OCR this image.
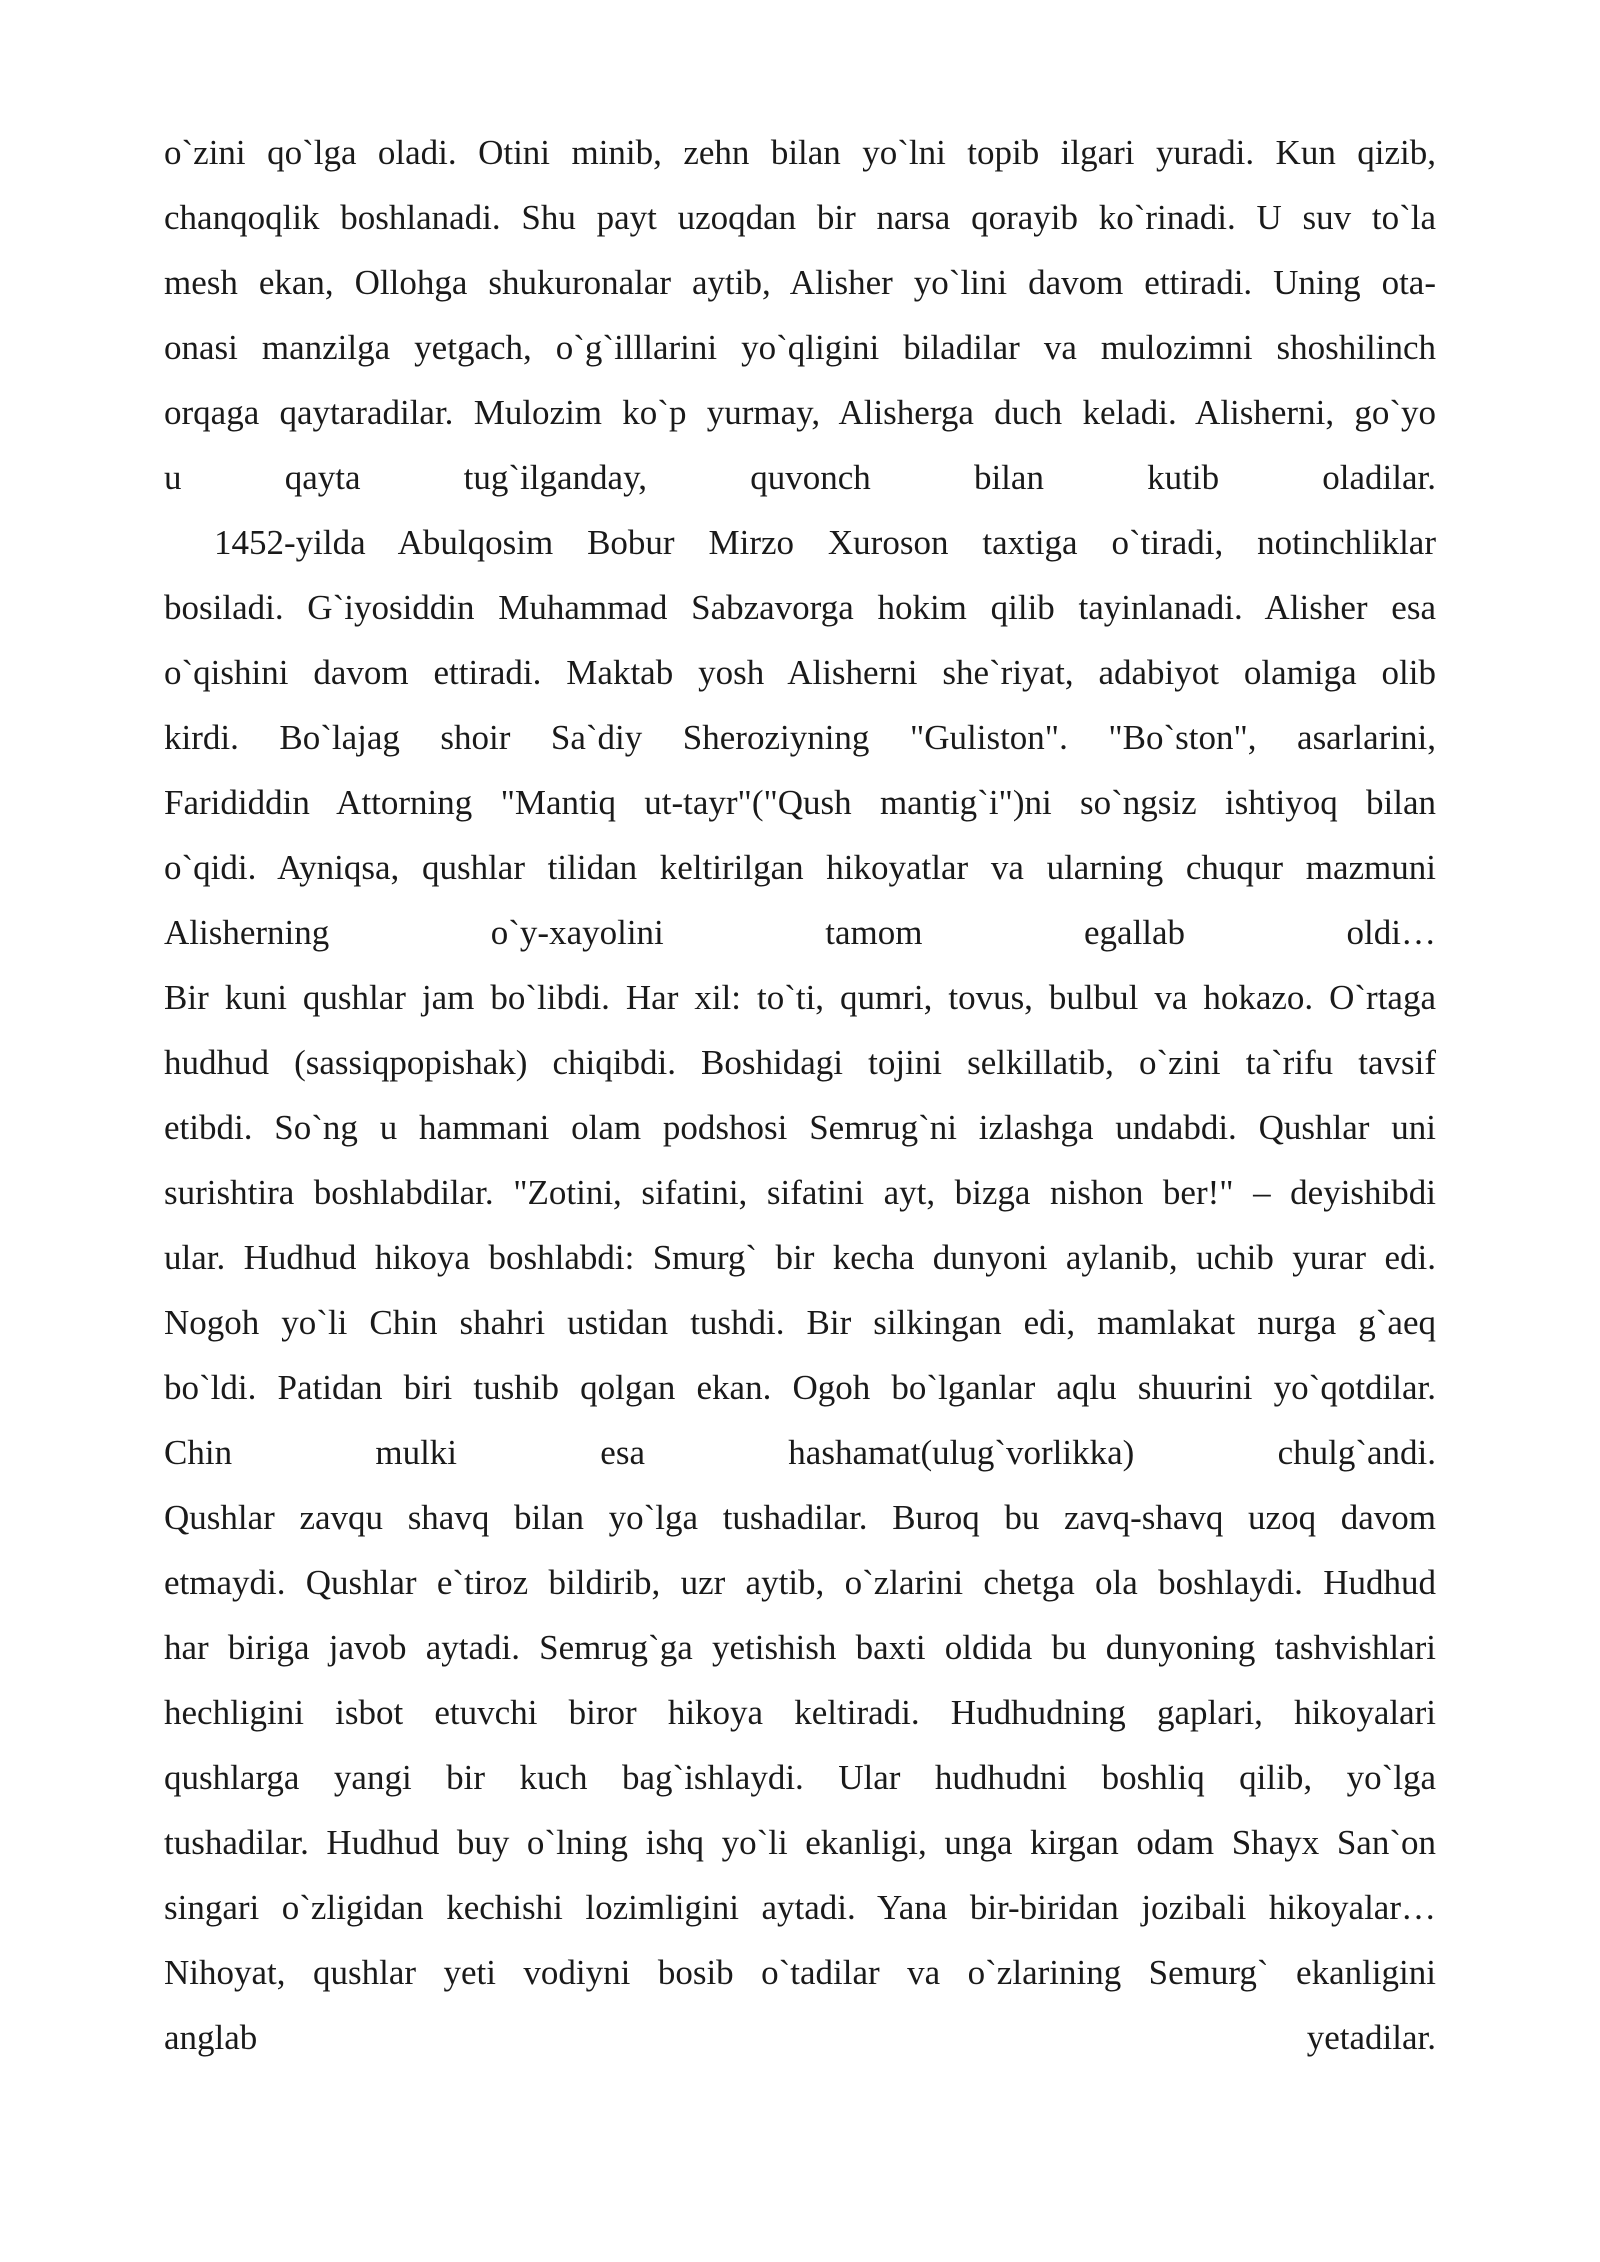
o`zini qo`lga oladi. Otini minib, zehn bilan yo`lni topib ilgari yuradi. Kun qizib,
chanqoqlik boshlanadi. Shu payt uzoqdan bir narsa qorayib ko`rinadi. U suv to`la
mesh ekan, Ollohga shukuronalar aytib, Alisher yo`lini davom ettiradi. Uning ota-
onasi manzilga yetgach, o`g`illlarini yo`qligini biladilar va mulozimni shoshilinch
orqaga qaytaradilar. Mulozim ko`p yurmay, Alisherga duch keladi. Alisherni, go`yo
u qayta tug`ilganday, quvonch bilan kutib oladilar.
1452-yilda Abulqosim Bobur Mirzo Xuroson taxtiga o`tiradi, notinchliklar
bosiladi. G`iyosiddin Muhammad Sabzavorga hokim qilib tayinlanadi. Alisher esa
o`qishini davom ettiradi. Maktab yosh Alisherni she`riyat, adabiyot olamiga olib
kirdi. Bo`lajag shoir Sa`diy Sheroziyning "Guliston". "Bo`ston", asarlarini,
Farididdin Attorning "Mantiq ut-tayr"("Qush mantig`i")ni so`ngsiz ishtiyoq bilan
o`qidi. Ayniqsa, qushlar tilidan keltirilgan hikoyatlar va ularning chuqur mazmuni
Alisherning o`y-xayolini tamom egallab oldi…
Bir kuni qushlar jam bo`libdi. Har xil: to`ti, qumri, tovus, bulbul va hokazo. O`rtaga
hudhud (sassiqpopishak) chiqibdi. Boshidagi tojini selkillatib, o`zini ta`rifu tavsif
etibdi. So`ng u hammani olam podshosi Semrug`ni izlashga undabdi. Qushlar uni
surishtira boshlabdilar. "Zotini, sifatini, sifatini ayt, bizga nishon ber!" – deyishibdi
ular. Hudhud hikoya boshlabdi: Smurg` bir kecha dunyoni aylanib, uchib yurar edi.
Nogoh yo`li Chin shahri ustidan tushdi. Bir silkingan edi, mamlakat nurga g`aeq
bo`ldi. Patidan biri tushib qolgan ekan. Ogoh bo`lganlar aqlu shuurini yo`qotdilar.
Chin mulki esa hashamat(ulug`vorlikka) chulg`andi.
Qushlar zavqu shavq bilan yo`lga tushadilar. Buroq bu zavq-shavq uzoq davom
etmaydi. Qushlar e`tiroz bildirib, uzr aytib, o`zlarini chetga ola boshlaydi. Hudhud
har biriga javob aytadi. Semrug`ga yetishish baxti oldida bu dunyoning tashvishlari
hechligini isbot etuvchi biror hikoya keltiradi. Hudhudning gaplari, hikoyalari
qushlarga yangi bir kuch bag`ishlaydi. Ular hudhudni boshliq qilib, yo`lga
tushadilar. Hudhud buy o`lning ishq yo`li ekanligi, unga kirgan odam Shayx San`on
singari o`zligidan kechishi lozimligini aytadi. Yana bir-biridan jozibali hikoyalar…
Nihoyat, qushlar yeti vodiyni bosib o`tadilar va o`zlarining Semurg` ekanligini
anglab yetadilar.
